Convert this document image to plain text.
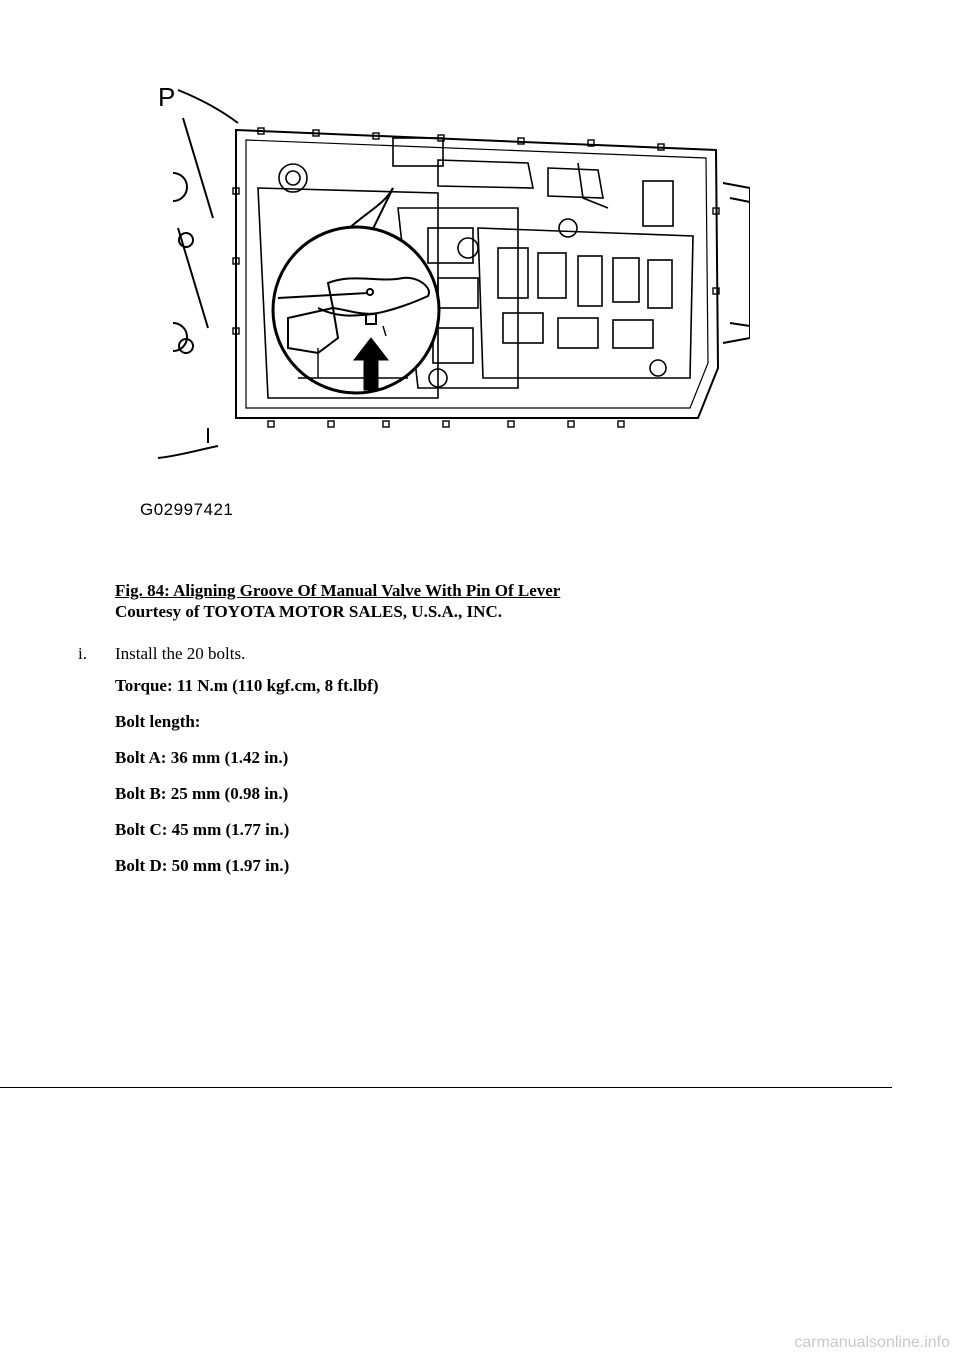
P
G02997421
Fig. 84: Aligning Groove Of Manual Valve With Pin Of Lever
Courtesy of TOYOTA MOTOR SALES, U.S.A., INC.
i. Install the 20 bolts.
Torque: 11 N.m (110 kgf.cm, 8 ft.lbf)
Bolt length:
Bolt A: 36 mm (1.42 in.)
Bolt B: 25 mm (0.98 in.)
Bolt C: 45 mm (1.77 in.)
Bolt D: 50 mm (1.97 in.)
carmanualsonline.info
